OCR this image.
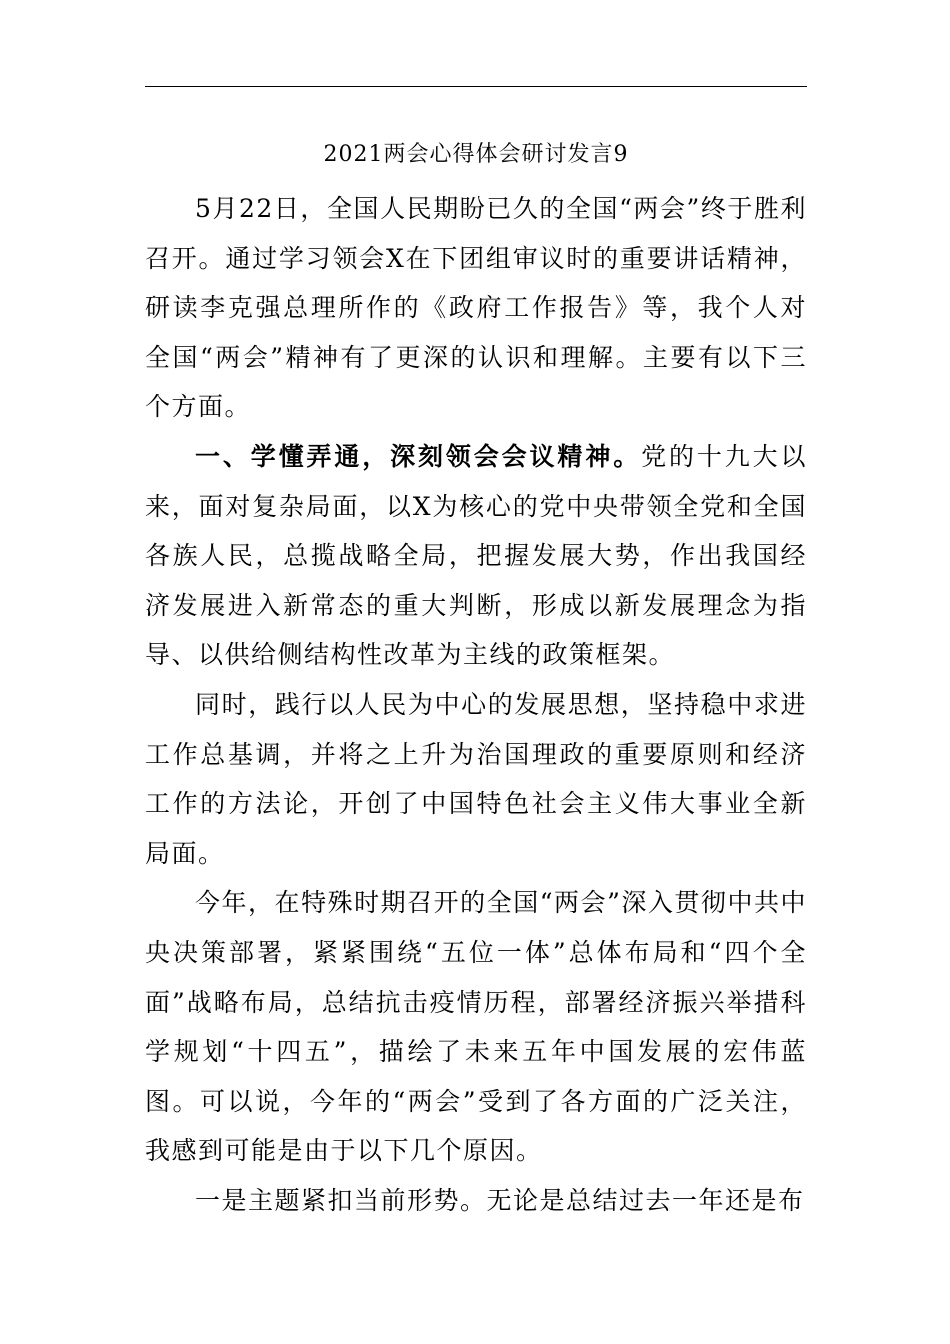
2021两会心得体会研讨发言9

5月22日，全国人民期盼已久的全国“两会”终于胜利召开。通过学习领会X在下团组审议时的重要讲话精神，研读李克强总理所作的《政府工作报告》等，我个人对全国“两会”精神有了更深的认识和理解。主要有以下三个方面。

一、学懂弄通，深刻领会会议精神。党的十九大以来，面对复杂局面，以X为核心的党中央带领全党和全国各族人民，总揽战略全局，把握发展大势，作出我国经济发展进入新常态的重大判断，形成以新发展理念为指导、以供给侧结构性改革为主线的政策框架。

同时，践行以人民为中心的发展思想，坚持稳中求进工作总基调，并将之上升为治国理政的重要原则和经济工作的方法论，开创了中国特色社会主义伟大事业全新局面。

今年，在特殊时期召开的全国“两会”深入贯彻中共中央决策部署，紧紧围绕“五位一体”总体布局和“四个全面”战略布局，总结抗击疫情历程，部署经济振兴举措科学规划“十四五”，描绘了未来五年中国发展的宏伟蓝图。可以说，今年的“两会”受到了各方面的广泛关注，我感到可能是由于以下几个原因。

一是主题紧扣当前形势。无论是总结过去一年还是布
